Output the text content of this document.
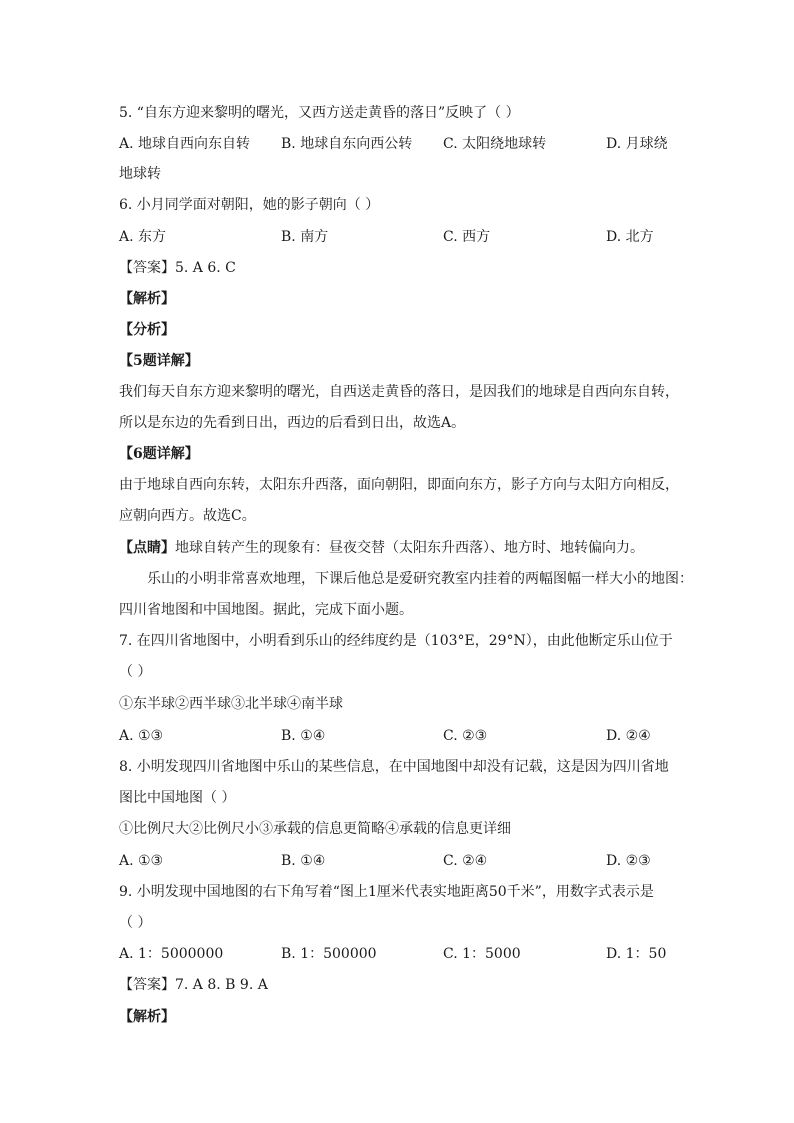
5. “自东方迎来黎明的曙光，又西方送走黄昏的落日”反映了（ ）
A. 地球自西向东自转 B. 地球自东向西公转 C. 太阳绕地球转	D. 月球绕
地球转
6. 小月同学面对朝阳，她的影子朝向（ ）
A. 东方	B. 南方	C. 西方	D. 北方
【答案】5. A 6. C
【解析】
【分析】
【5题详解】
我们每天自东方迎来黎明的曙光，自西送走黄昏的落日，是因我们的地球是自西向东自转，
所以是东边的先看到日出，西边的后看到日出，故选A。
【6题详解】
由于地球自西向东转，太阳东升西落，面向朝阳，即面向东方，影子方向与太阳方向相反，
应朝向西方。故选C。
【点睛】地球自转产生的现象有：昼夜交替（太阳东升西落）、地方时、地转偏向力。
乐山的小明非常喜欢地理，下课后他总是爱研究教室内挂着的两幅图幅一样大小的地图：
四川省地图和中国地图。据此，完成下面小题。
7. 在四川省地图中，小明看到乐山的经纬度约是（103°E，29°N），由此他断定乐山位于
（ ）
①东半球②西半球③北半球④南半球
A. ①③	B. ①④	C. ②③	D. ②④
8. 小明发现四川省地图中乐山的某些信息，在中国地图中却没有记载，这是因为四川省地
图比中国地图（ ）
①比例尺大②比例尺小③承载的信息更简略④承载的信息更详细
A. ①③	B. ①④	C. ②④	D. ②③
9. 小明发现中国地图的右下角写着“图上1厘米代表实地距离50千米”，用数字式表示是
（ ）
A. 1：5000000	B. 1：500000	C. 1：5000	D. 1：50
【答案】7. A 8. B 9. A
【解析】
